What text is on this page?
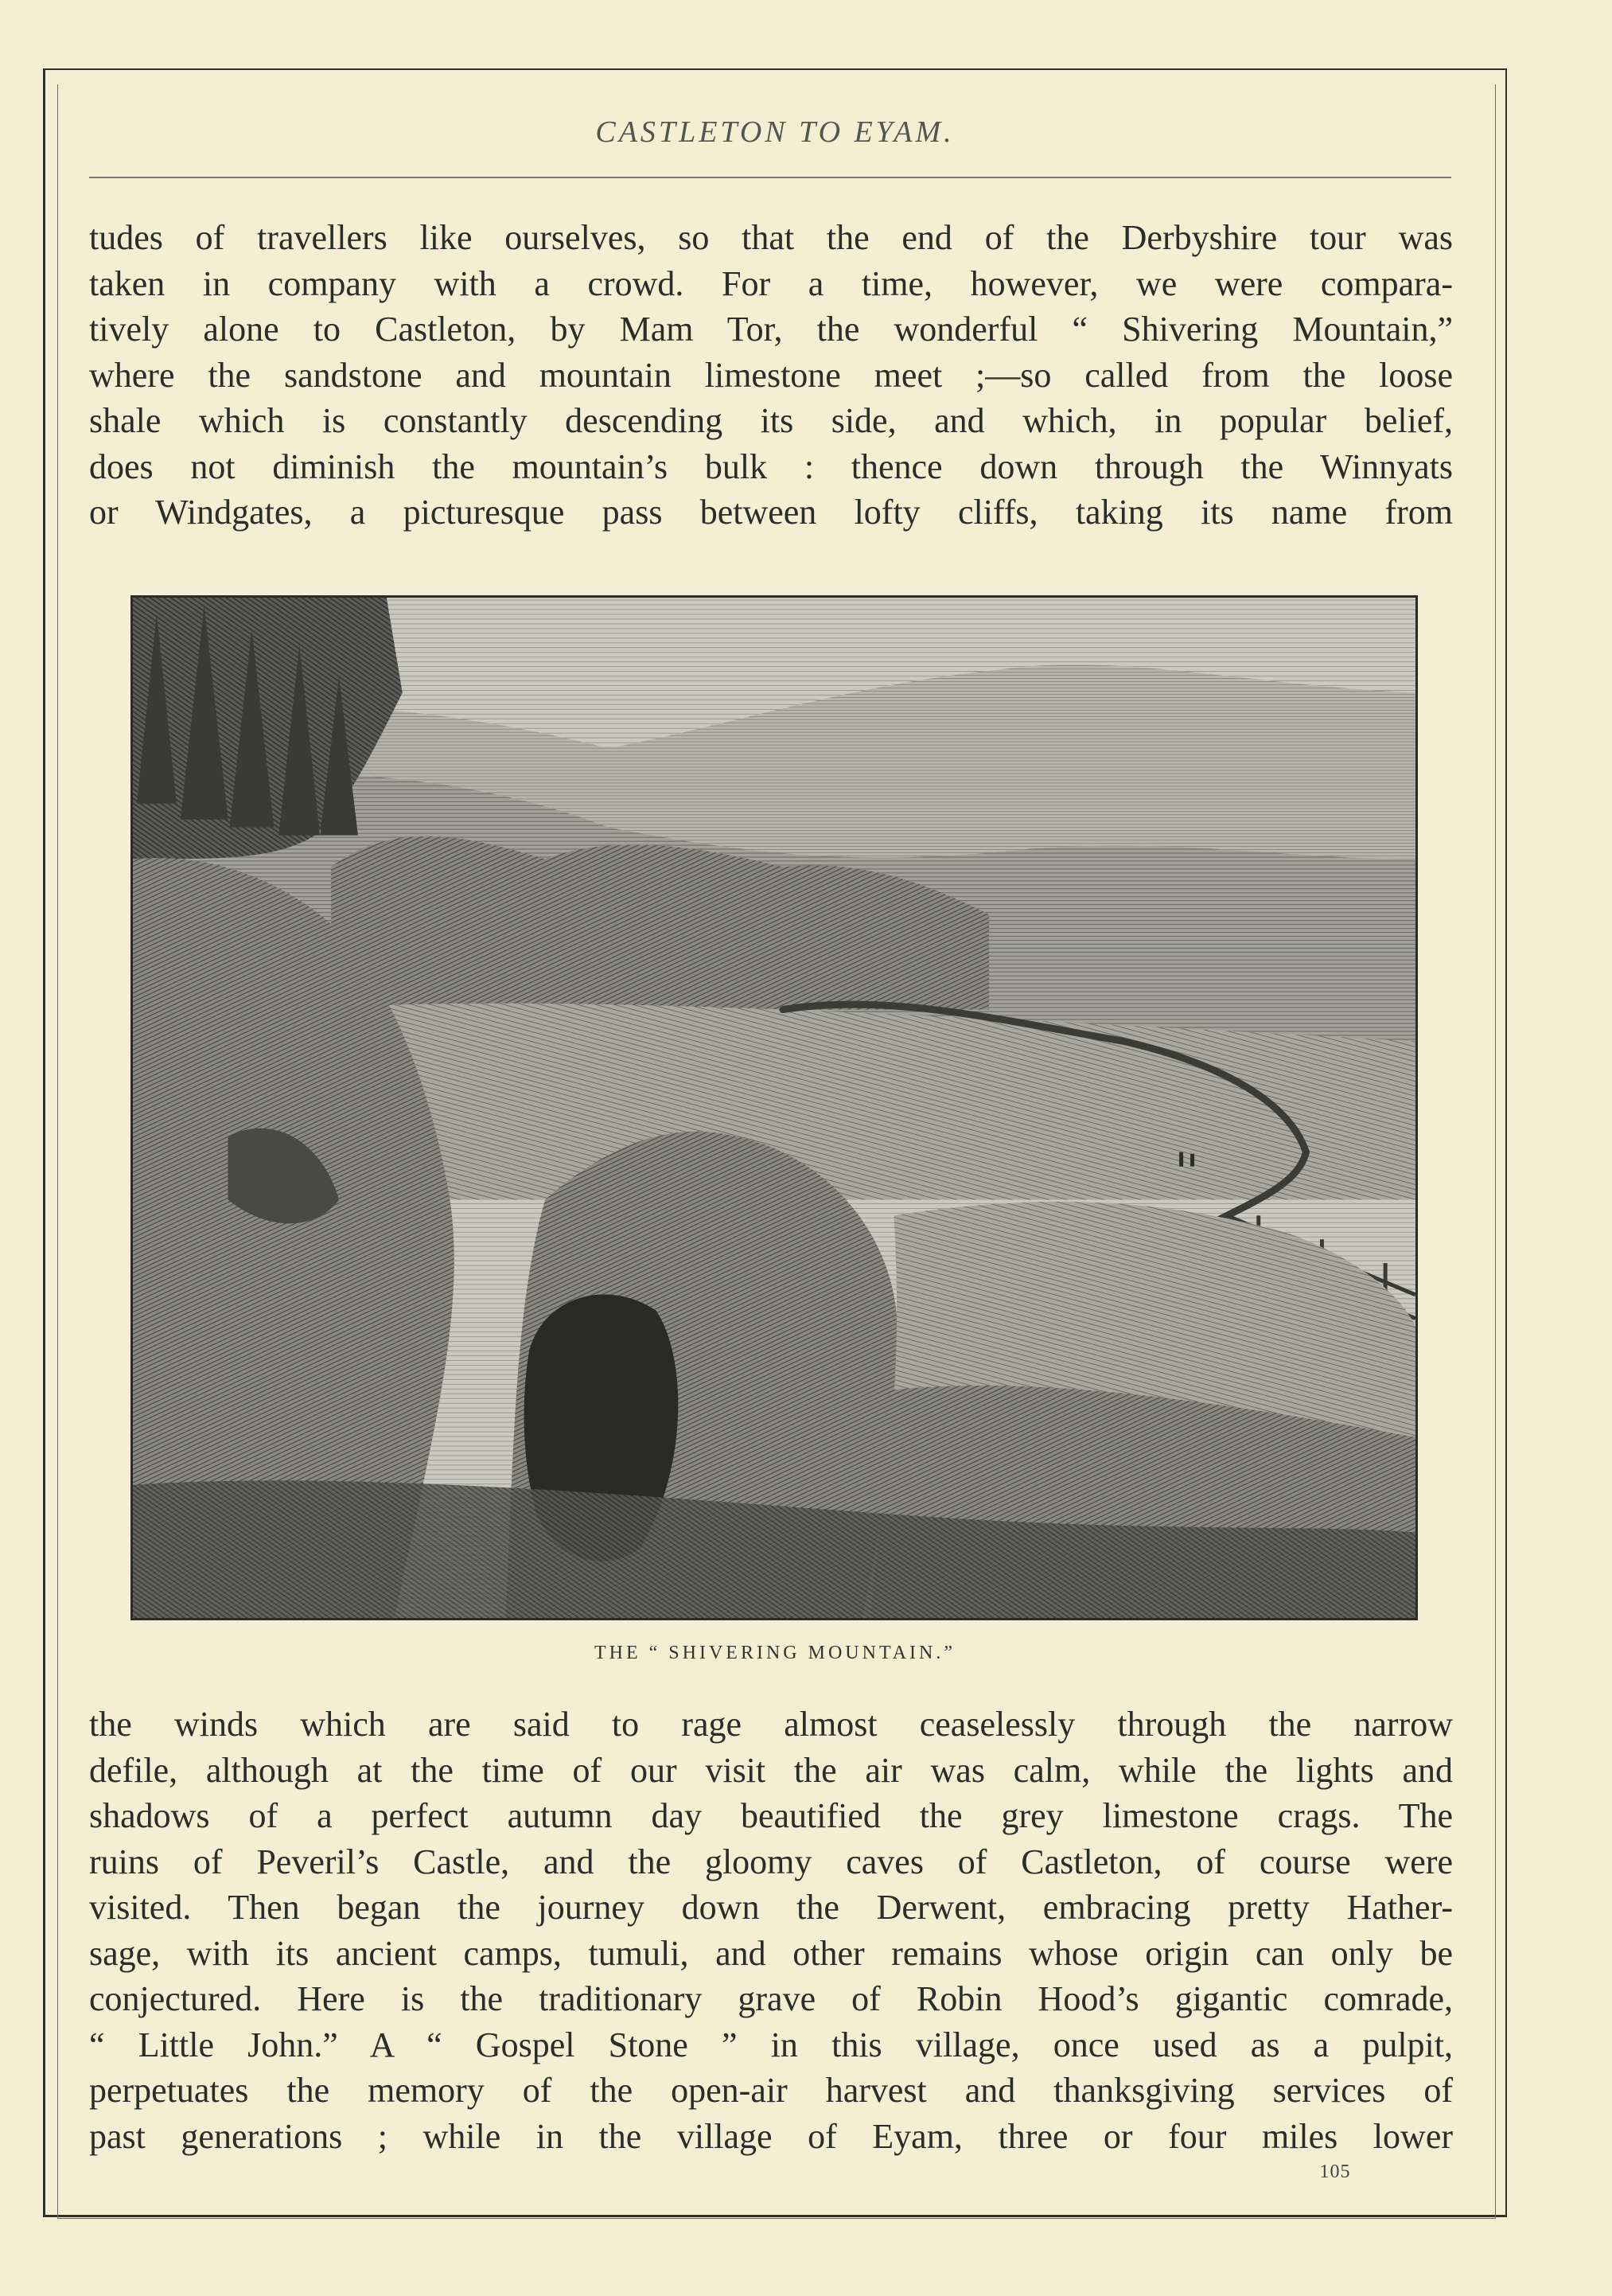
CASTLETON TO EYAM.
tudes of travellers like ourselves, so that the end of the Derbyshire tour was
taken in company with a crowd. For a time, however, we were compara-
tively alone to Castleton, by Mam Tor, the wonderful “ Shivering Mountain,”
where the sandstone and mountain limestone meet ;—so called from the loose
shale which is constantly descending its side, and which, in popular belief,
does not diminish the mountain’s bulk : thence down through the Winnyats
or Windgates, a picturesque pass between lofty cliffs, taking its name from
THE “ SHIVERING MOUNTAIN.”
the winds which are said to rage almost ceaselessly through the narrow
defile, although at the time of our visit the air was calm, while the lights and
shadows of a perfect autumn day beautified the grey limestone crags. The
ruins of Peveril’s Castle, and the gloomy caves of Castleton, of course were
visited. Then began the journey down the Derwent, embracing pretty Hather-
sage, with its ancient camps, tumuli, and other remains whose origin can only be
conjectured. Here is the traditionary grave of Robin Hood’s gigantic comrade,
“ Little John.” A “ Gospel Stone ” in this village, once used as a pulpit,
perpetuates the memory of the open-air harvest and thanksgiving services of
past generations ; while in the village of Eyam, three or four miles lower
105
